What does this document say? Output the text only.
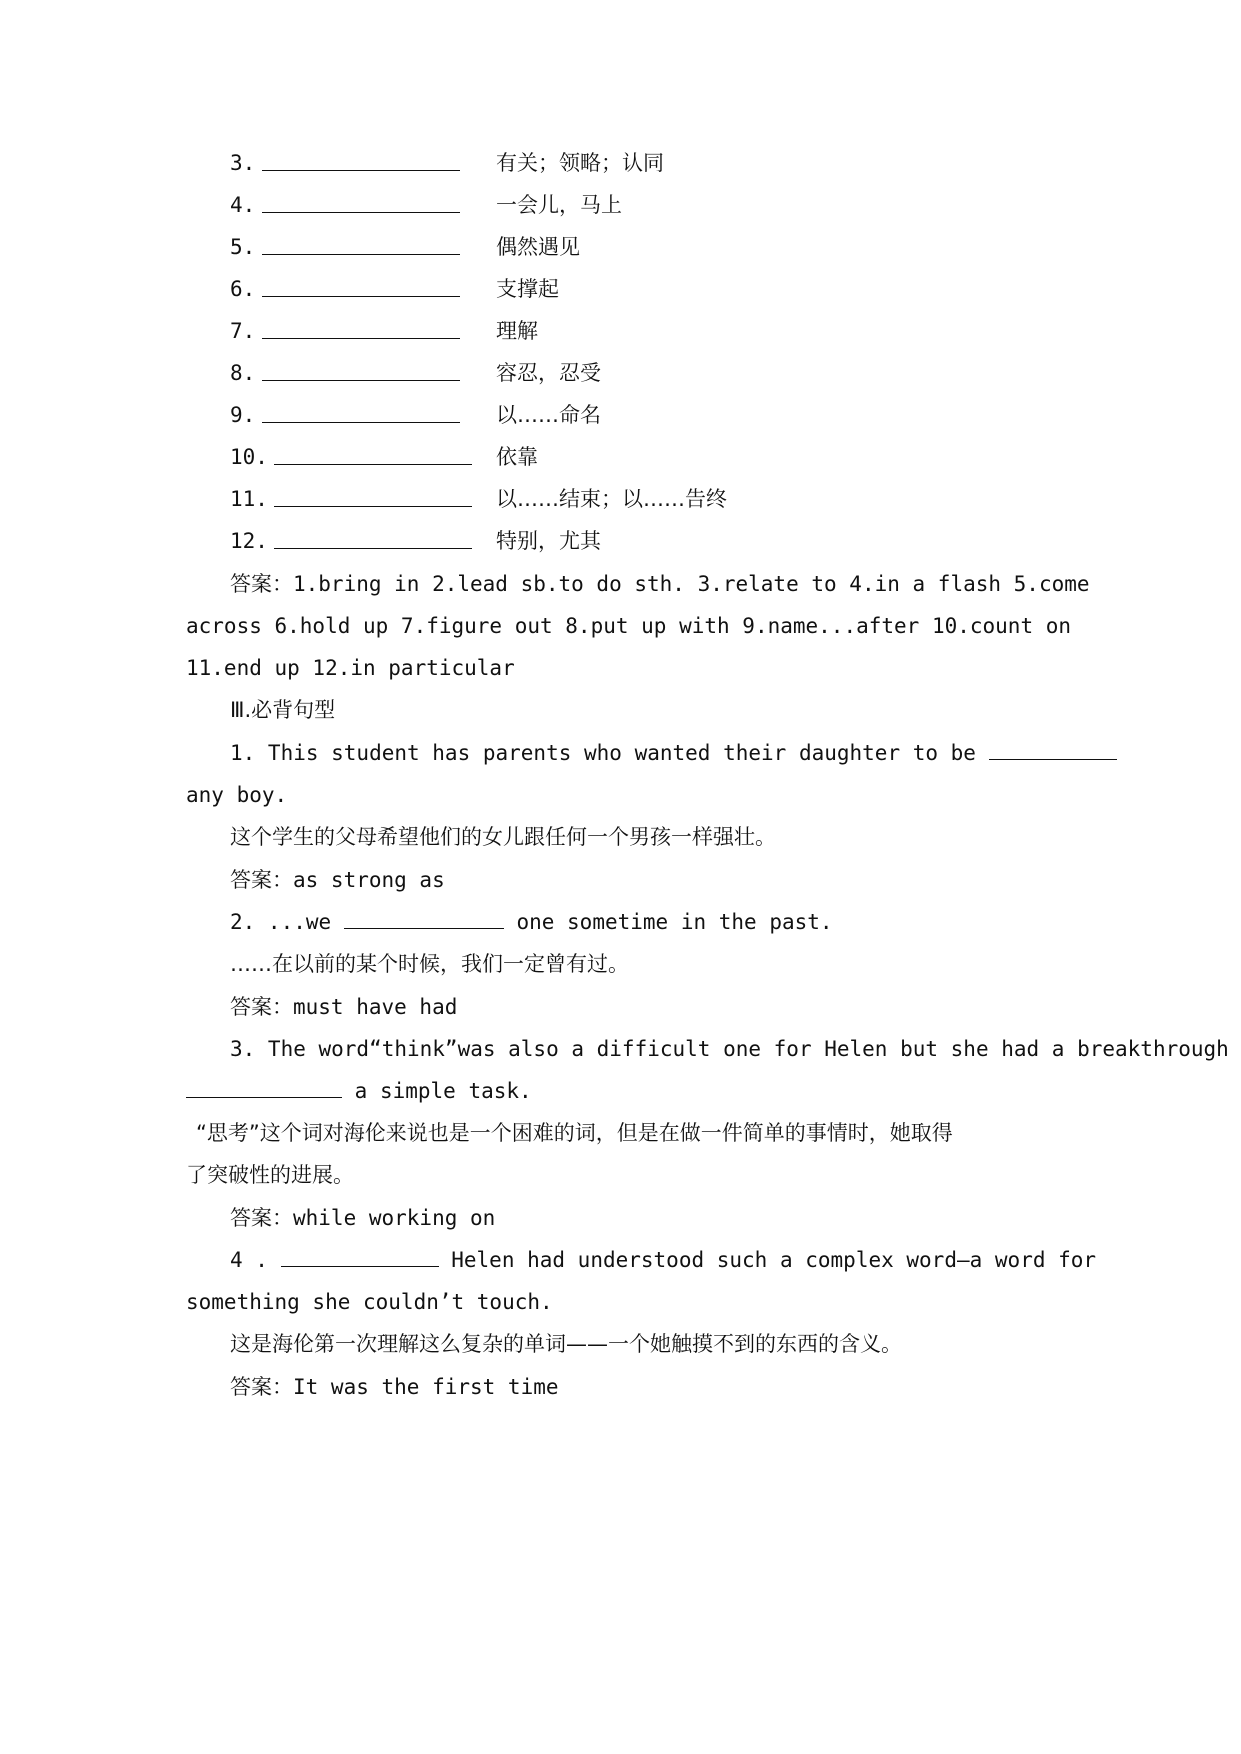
3.	有关；领略；认同
4.	一会儿，马上
5.	偶然遇见
6.	支撑起
7.	理解
8.	容忍，忍受
9.	以……命名
10.	依靠
11.	以……结束；以……告终
12.	特别，尤其
答案：1.bring in 2.lead sb.to do sth. 3.relate to 4.in a flash 5.come
across 6.hold up 7.figure out 8.put up with 9.name...after 10.count on
11.end up 12.in particular
Ⅲ.必背句型
1. This student has parents who wanted their daughter to be
any boy.
这个学生的父母希望他们的女儿跟任何一个男孩一样强壮。
答案：as strong as
2. ...we	one sometime in the past.
……在以前的某个时候，我们一定曾有过。
答案：must have had
3. The word“think”was also a difficult one for Helen but she had a breakthrough
a simple task.
“思考”这个词对海伦来说也是一个困难的词，但是在做一件简单的事情时，她取得
了突破性的进展。
答案：while working on
4 .	Helen had understood such a complex word—a word for
something she couldn’t touch.
这是海伦第一次理解这么复杂的单词——一个她触摸不到的东西的含义。
答案：It was the first time
